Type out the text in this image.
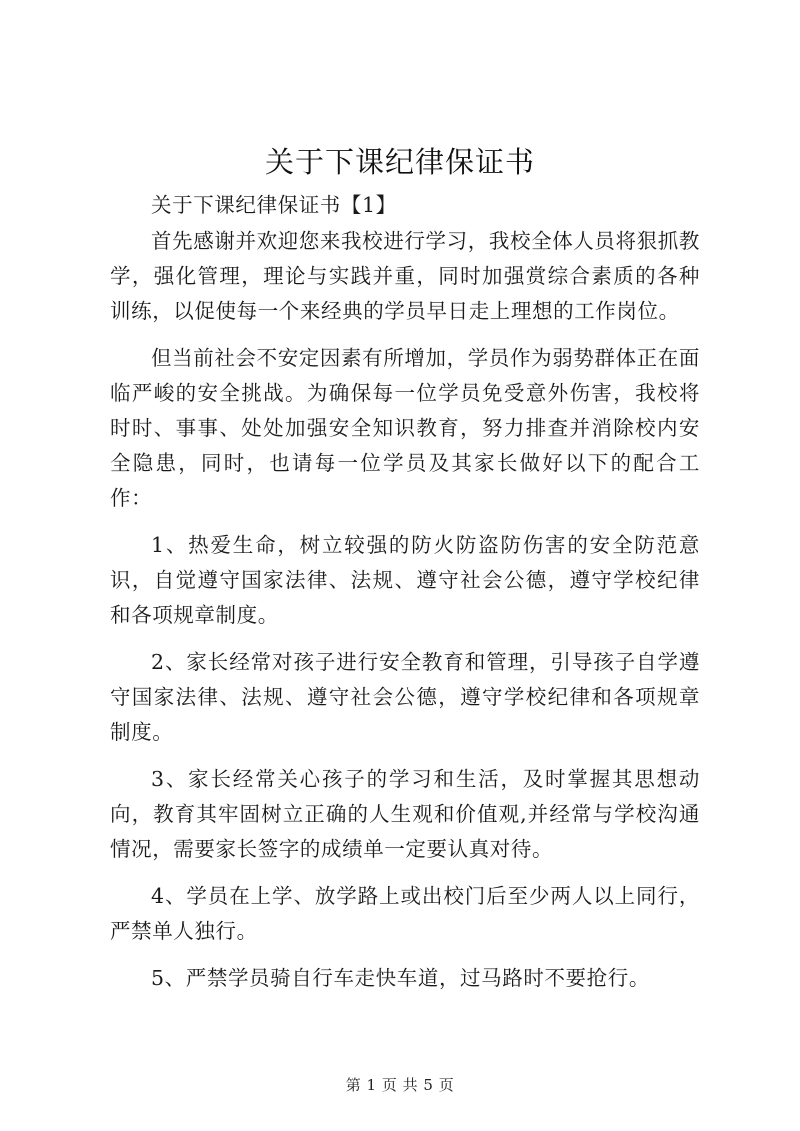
关于下课纪律保证书

关于下课纪律保证书【1】

首先感谢并欢迎您来我校进行学习，我校全体人员将狠抓教学，强化管理，理论与实践并重，同时加强赏综合素质的各种训练，以促使每一个来经典的学员早日走上理想的工作岗位。

但当前社会不安定因素有所增加，学员作为弱势群体正在面临严峻的安全挑战。为确保每一位学员免受意外伤害，我校将时时、事事、处处加强安全知识教育，努力排查并消除校内安全隐患，同时，也请每一位学员及其家长做好以下的配合工作：

1、热爱生命，树立较强的防火防盗防伤害的安全防范意识，自觉遵守国家法律、法规、遵守社会公德，遵守学校纪律和各项规章制度。

2、家长经常对孩子进行安全教育和管理，引导孩子自学遵守国家法律、法规、遵守社会公德，遵守学校纪律和各项规章制度。

3、家长经常关心孩子的学习和生活，及时掌握其思想动向，教育其牢固树立正确的人生观和价值观,并经常与学校沟通情况，需要家长签字的成绩单一定要认真对待。

4、学员在上学、放学路上或出校门后至少两人以上同行，严禁单人独行。

5、严禁学员骑自行车走快车道，过马路时不要抢行。

第 1 页 共 5 页
